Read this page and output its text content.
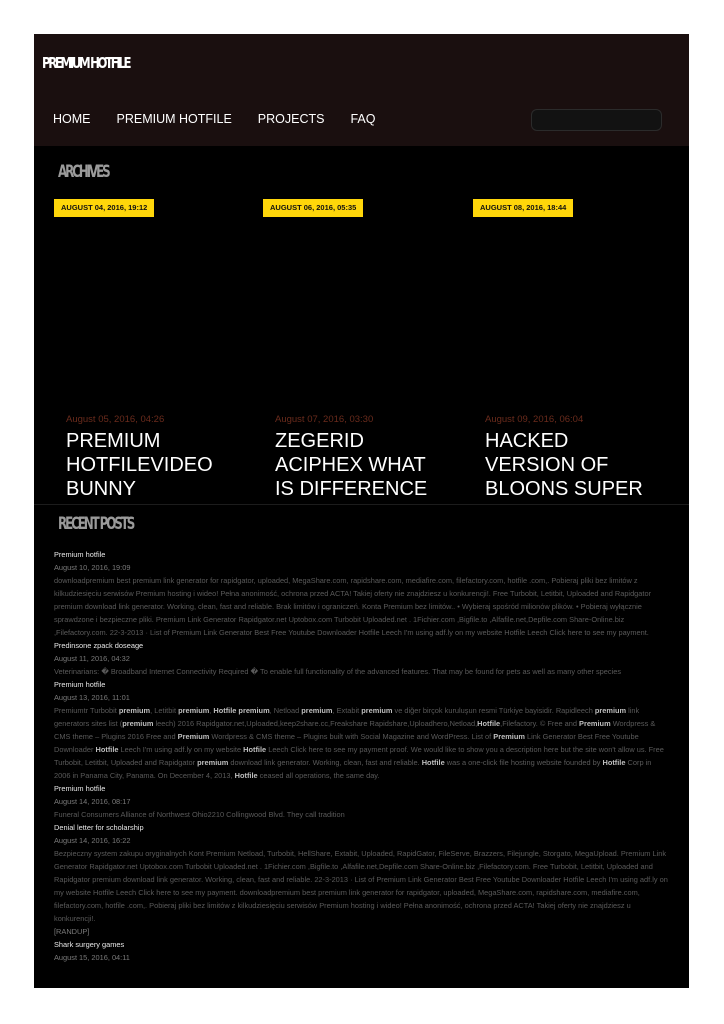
PREMIUM HOTFILE
HOME PREMIUM HOTFILE PROJECTS FAQ
ARCHIVES
AUGUST 04, 2016, 19:12	AUGUST 06, 2016, 05:35	AUGUST 08, 2016, 18:44
August 05, 2016, 04:26
PREMIUM HOTFILEVIDEO BUNNY
August 07, 2016, 03:30
ZEGERID ACIPHEX WHAT IS DIFFERENCE
August 09, 2016, 06:04
HACKED VERSION OF BLOONS SUPER
RECENT POSTS
Premium hotfile
August 10, 2016, 19:09
downloadpremium best premium link generator for rapidgator, uploaded, MegaShare.com, rapidshare.com, mediafire.com, filefactory.com, hotfile .com,. Pobieraj pliki bez limitów z kilkudziesięciu serwisów Premium hosting i wideo! Pełna anonimość, ochrona przed ACTA! Takiej oferty nie znajdziesz u konkurencji!. Free Turbobit, Letitbit, Uploaded and Rapidgator premium download link generator. Working, clean, fast and reliable. Brak limitów i ograniczeń. Konta Premium bez limitów.. • Wybieraj spośród milionów plików. • Pobieraj wyłącznie sprawdzone i bezpieczne pliki. Premium Link Generator Rapidgator.net Uptobox.com Turbobit Uploaded.net . 1Fichier.com ,Bigfile.to ,Alfafile.net,Depfile.com Share-Online.biz ,Filefactory.com. 22-3-2013 · List of Premium Link Generator Best Free Youtube Downloader Hotfile Leech I'm using adf.ly on my website Hotfile Leech Click here to see my payment.
Predinsone zpack doseage
August 11, 2016, 04:32
Veterinarians: � Broadband Internet Connectivity Required � To enable full functionality of the advanced features. That may be found for pets as well as many other species
Premium hotfile
August 13, 2016, 11:01
Premiumtr Turbobit premium, Letitbit premium, Hotfile premium, Netload premium, Extabit premium ve diğer birçok kuruluşun resmi Türkiye bayisidir. Rapidleech premium link generators sites list (premium leech) 2016 Rapidgator.net,Uploaded,keep2share.cc,Freakshare Rapidshare,Uploadhero,Netload,Hotfile,Filefactory. © Free and Premium Wordpress & CMS theme – Plugins 2016 Free and Premium Wordpress & CMS theme – Plugins built with Social Magazine and WordPress. List of Premium Link Generator Best Free Youtube Downloader Hotfile Leech I'm using adf.ly on my website Hotfile Leech Click here to see my payment proof. We would like to show you a description here but the site won't allow us. Free Turbobit, Letitbit, Uploaded and Rapidgator premium download link generator. Working, clean, fast and reliable. Hotfile was a one-click file hosting website founded by Hotfile Corp in 2006 in Panama City, Panama. On December 4, 2013, Hotfile ceased all operations, the same day.
Premium hotfile
August 14, 2016, 08:17
Funeral Consumers Alliance of Northwest Ohio2210 Collingwood Blvd. They call tradition
Denial letter for scholarship
August 14, 2016, 16:22
Bezpieczny system zakupu oryginalnych Kont Premium Netload, Turbobit, HellShare, Extabit, Uploaded, RapidGator, FileServe, Brazzers, Filejungle, Storgato, MegaUpload. Premium Link Generator Rapidgator.net Uptobox.com Turbobit Uploaded.net . 1Fichier.com ,Bigfile.to ,Alfafile.net,Depfile.com Share-Online.biz ,Filefactory.com. Free Turbobit, Letitbit, Uploaded and Rapidgator premium download link generator. Working, clean, fast and reliable. 22-3-2013 · List of Premium Link Generator Best Free Youtube Downloader Hotfile Leech I'm using adf.ly on my website Hotfile Leech Click here to see my payment. downloadpremium best premium link generator for rapidgator, uploaded, MegaShare.com, rapidshare.com, mediafire.com, filefactory.com, hotfile .com,. Pobieraj pliki bez limitów z kilkudziesięciu serwisów Premium hosting i wideo! Pełna anonimość, ochrona przed ACTA! Takiej oferty nie znajdziesz u konkurencji!.
[RANDUP]
Shark surgery games
August 15, 2016, 04:11
